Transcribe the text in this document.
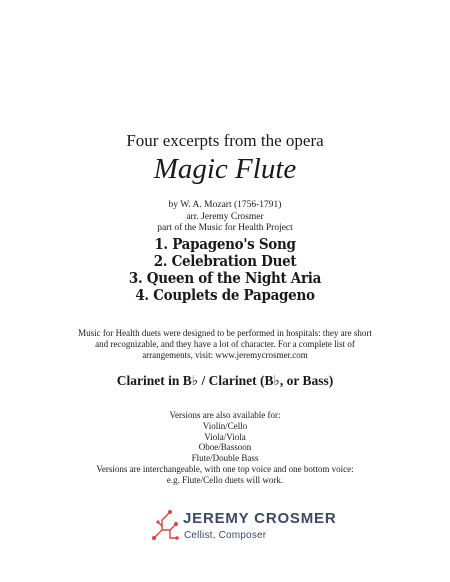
Four excerpts from the opera
Magic Flute
by W. A. Mozart (1756-1791)
arr. Jeremy Crosmer
part of the Music for Health Project
1. Papageno's Song
2. Celebration Duet
3. Queen of the Night Aria
4. Couplets de Papageno
Music for Health duets were designed to be performed in hospitals: they are short
and recognizable, and they have a lot of character. For a complete list of
arrangements, visit: www.jeremycrosmer.com
Clarinet in B♭ / Clarinet (B♭, or Bass)
Versions are also available for:
Violin/Cello
Viola/Viola
Oboe/Bassoon
Flute/Double Bass
Versions are interchangeable, with one top voice and one bottom voice:
e.g. Flute/Cello duets will work.
JEREMY CROSMER
Cellist, Composer
